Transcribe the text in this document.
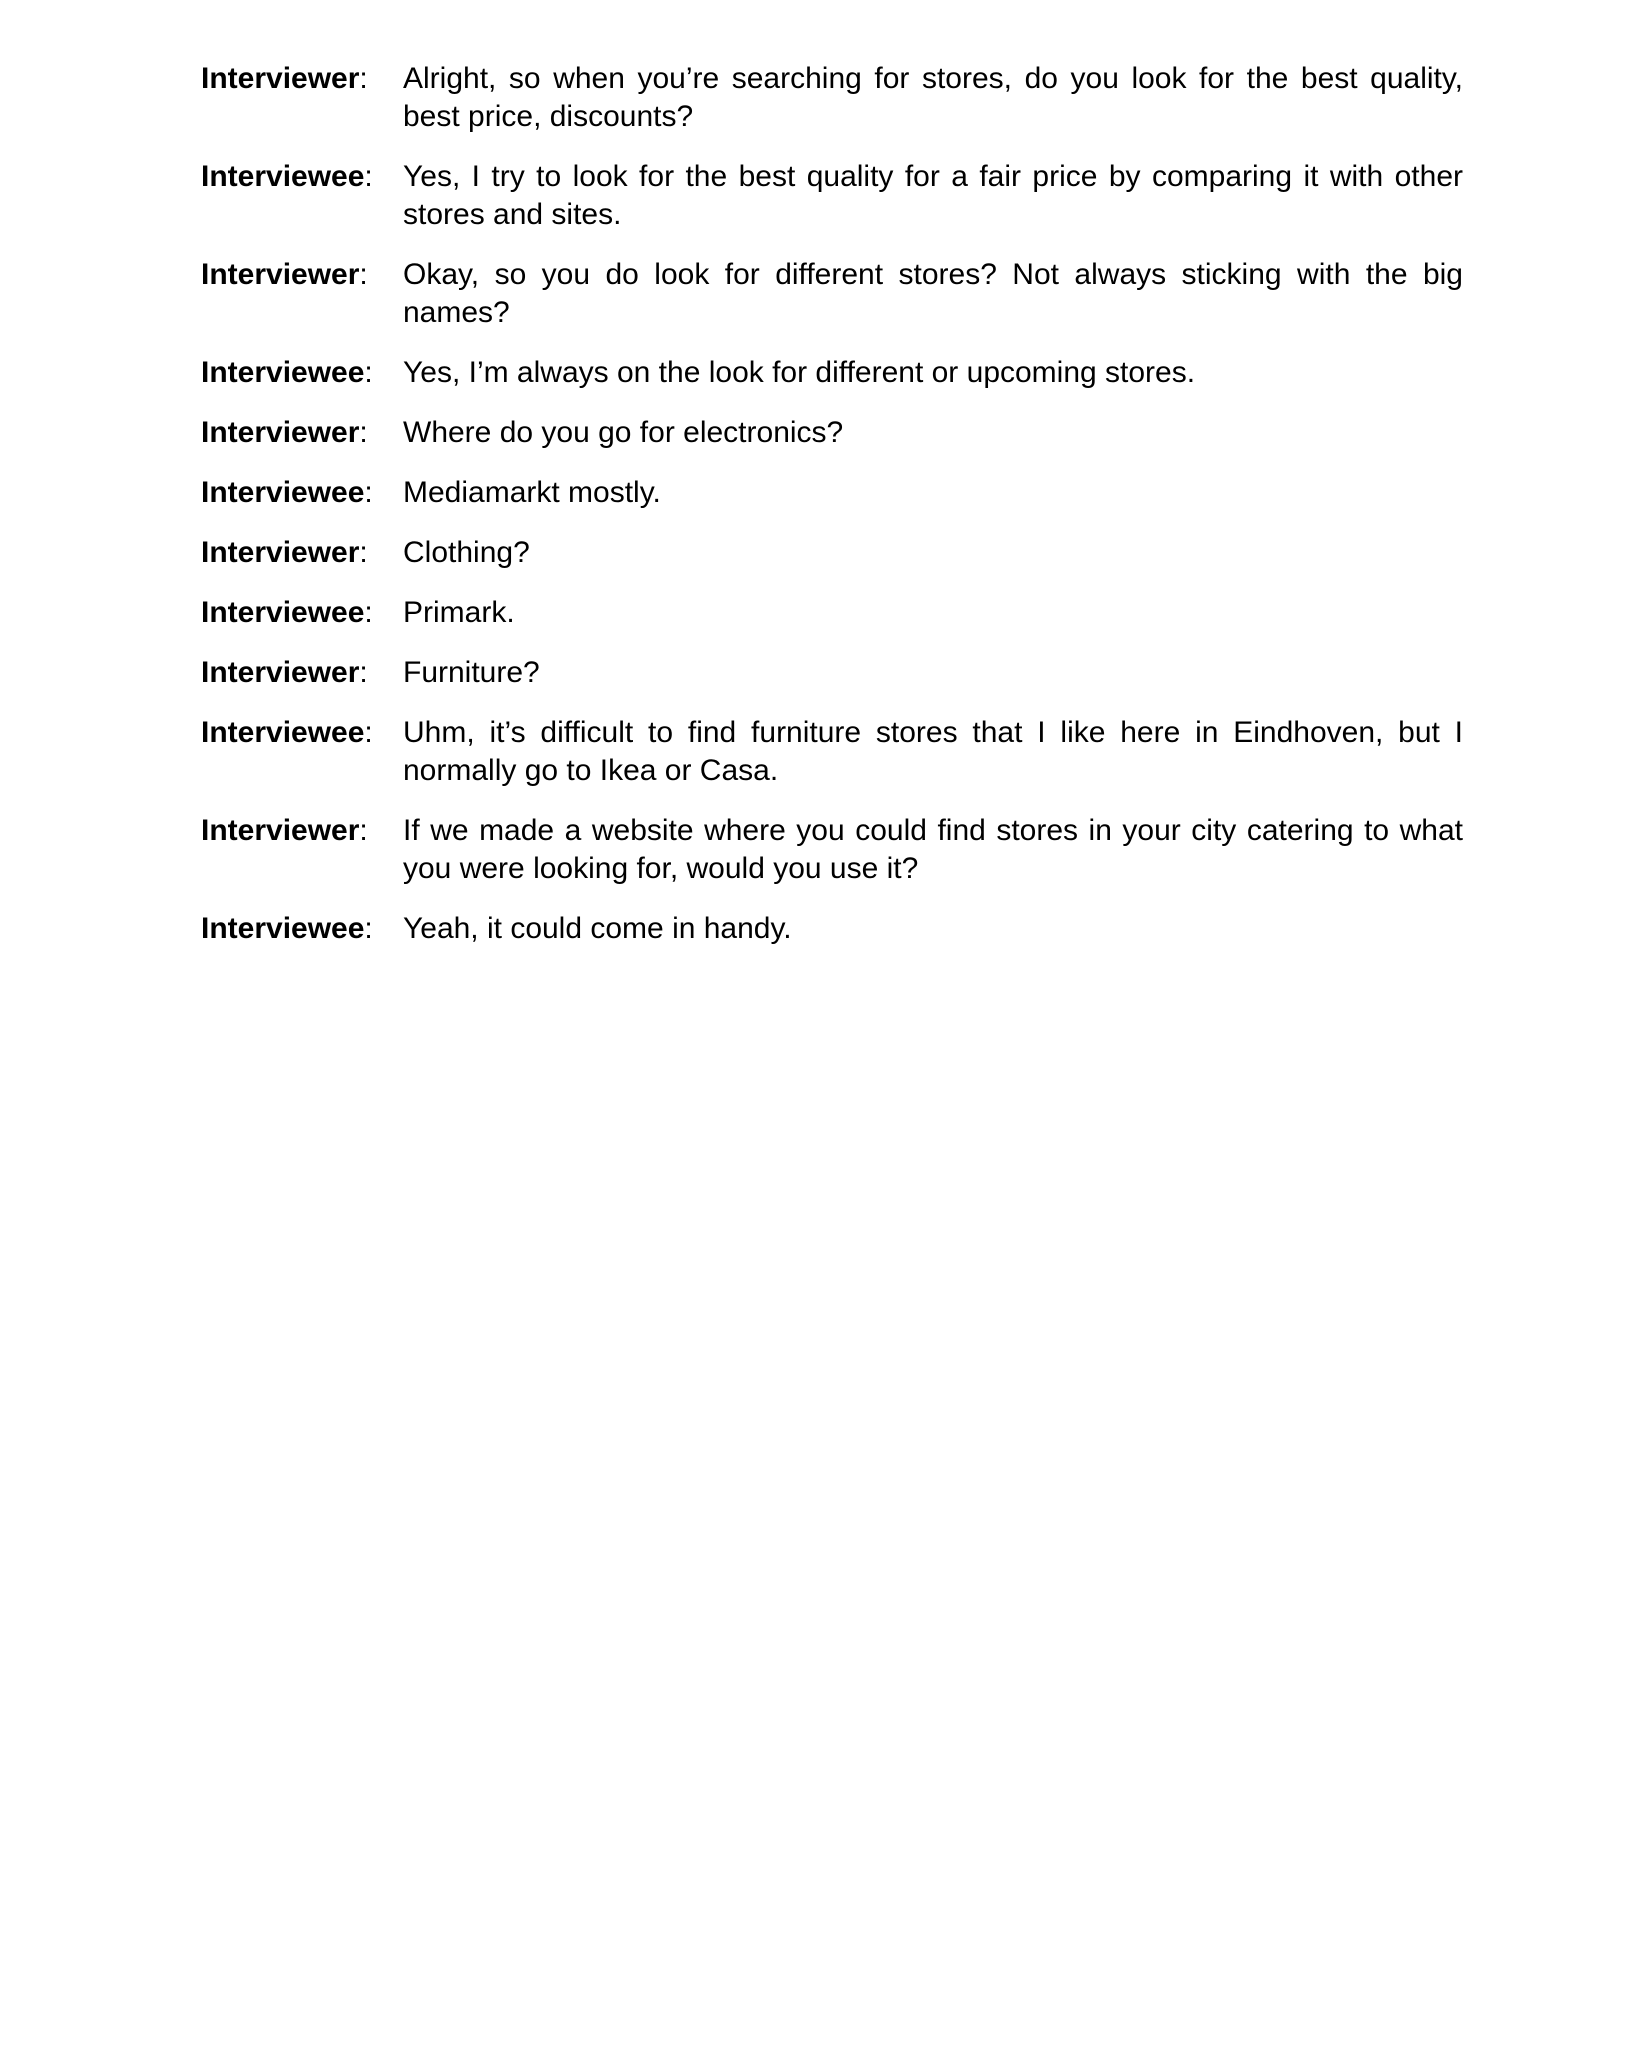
Interviewer:	Alright, so when you’re searching for stores, do you look for the best quality, best price, discounts?
Interviewee:	Yes, I try to look for the best quality for a fair price by comparing it with other stores and sites.
Interviewer:	Okay, so you do look for different stores? Not always sticking with the big names?
Interviewee:	Yes, I’m always on the look for different or upcoming stores.
Interviewer:	Where do you go for electronics?
Interviewee:	Mediamarkt mostly.
Interviewer:	Clothing?
Interviewee:	Primark.
Interviewer:	Furniture?
Interviewee:	Uhm, it’s difficult to find furniture stores that I like here in Eindhoven, but I normally go to Ikea or Casa.
Interviewer:	If we made a website where you could find stores in your city catering to what you were looking for, would you use it?
Interviewee:	Yeah, it could come in handy.
